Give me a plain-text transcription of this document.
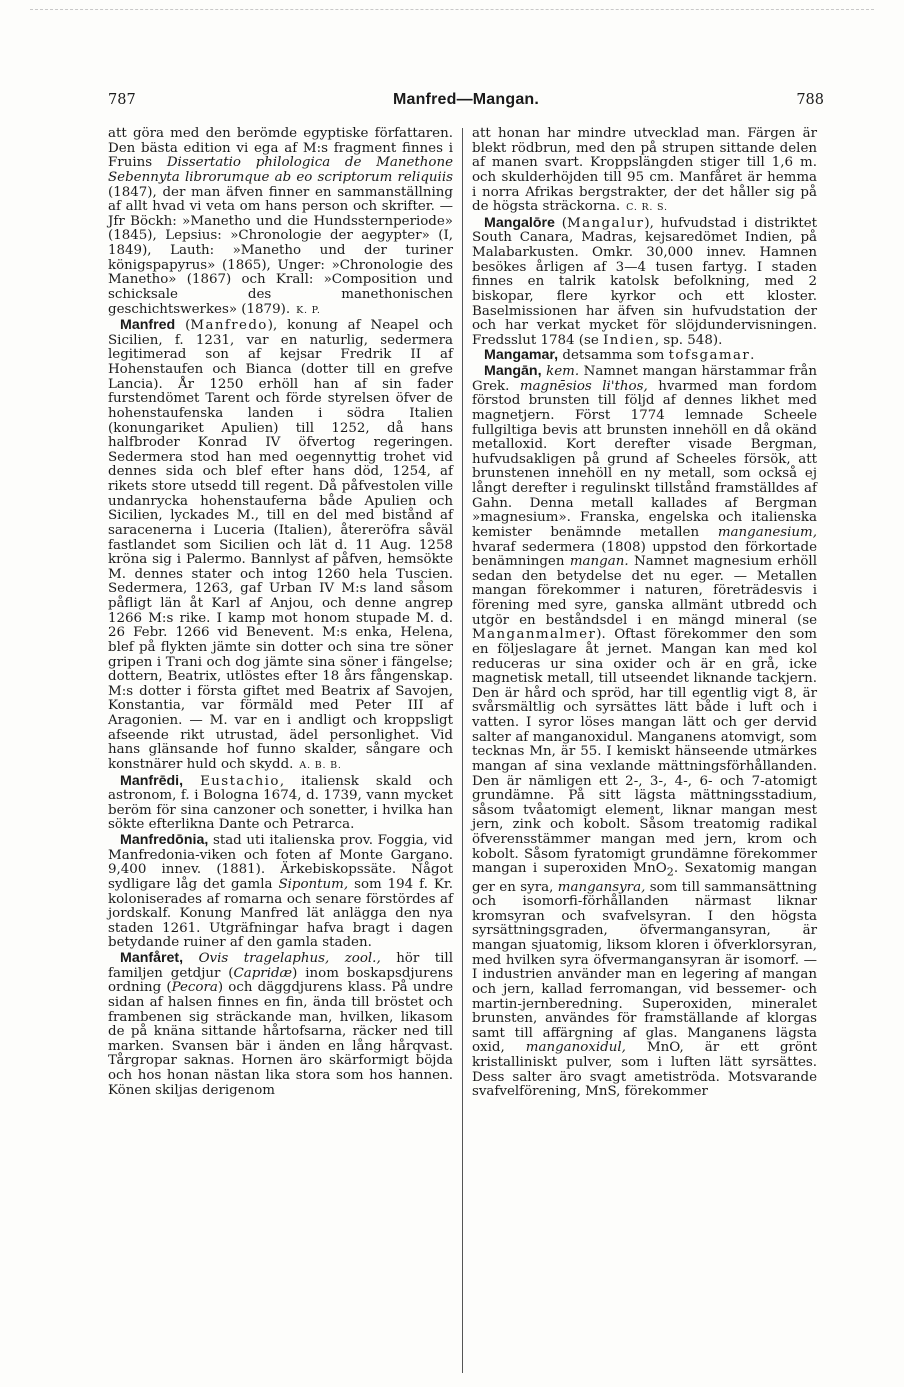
787	Manfred—Mangan.	788

att göra med den berömde egyptiske författaren. Den bästa edition vi ega af M:s fragment finnes i Fruins Dissertatio philologica de Manethone Sebennyta librorumque ab eo scriptorum reliquiis (1847), der man äfven finner en sammanställning af allt hvad vi veta om hans person och skrifter. — Jfr Böckh: »Manetho und die Hundssternperiode» (1845), Lepsius: »Chronologie der aegypter» (I, 1849), Lauth: »Manetho und der turiner königspapyrus» (1865), Unger: »Chronologie des Manetho» (1867) och Krall: »Composition und schicksale des manethonischen geschichtswerkes» (1879). K. P.

Manfred (Manfredo), konung af Neapel och Sicilien, f. 1231, var en naturlig, sedermera legitimerad son af kejsar Fredrik II af Hohenstaufen och Bianca (dotter till en grefve Lancia). År 1250 erhöll han af sin fader furstendömet Tarent och förde styrelsen öfver de hohenstaufenska landen i södra Italien (konungariket Apulien) till 1252, då hans halfbroder Konrad IV öfvertog regeringen. Sedermera stod han med oegennyttig trohet vid dennes sida och blef efter hans död, 1254, af rikets store utsedd till regent. Då påfvestolen ville undanrycka hohenstauferna både Apulien och Sicilien, lyckades M., till en del med bistånd af saracenerna i Luceria (Italien), återeröfra såväl fastlandet som Sicilien och lät d. 11 Aug. 1258 kröna sig i Palermo. Bannlyst af påfven, hemsökte M. dennes stater och intog 1260 hela Tuscien. Sedermera, 1263, gaf Urban IV M:s land såsom påfligt län åt Karl af Anjou, och denne angrep 1266 M:s rike. I kamp mot honom stupade M. d. 26 Febr. 1266 vid Benevent. M:s enka, Helena, blef på flykten jämte sin dotter och sina tre söner gripen i Trani och dog jämte sina söner i fängelse; dottern, Beatrix, utlöstes efter 18 års fångenskap. M:s dotter i första giftet med Beatrix af Savojen, Konstantia, var förmäld med Peter III af Aragonien. — M. var en i andligt och kroppsligt afseende rikt utrustad, ädel personlighet. Vid hans glänsande hof funno skalder, sångare och konstnärer huld och skydd. A. B. B.

Manfrēdi, Eustachio, italiensk skald och astronom, f. i Bologna 1674, d. 1739, vann mycket beröm för sina canzoner och sonetter, i hvilka han sökte efterlikna Dante och Petrarca.

Manfredōnia, stad uti italienska prov. Foggia, vid Manfredonia-viken och foten af Monte Gargano. 9,400 innev. (1881). Ärkebiskopssäte. Något sydligare låg det gamla Sipontum, som 194 f. Kr. koloniserades af romarna och senare förstördes af jordskalf. Konung Manfred lät anlägga den nya staden 1261. Utgräfningar hafva bragt i dagen betydande ruiner af den gamla staden.

Manfåret, Ovis tragelaphus, zool., hör till familjen getdjur (Capridæ) inom boskapsdjurens ordning (Pecora) och däggdjurens klass. På undre sidan af halsen finnes en fin, ända till bröstet och frambenen sig sträckande man, hvilken, likasom de på knäna sittande hårtofsarna, räcker ned till marken. Svansen bär i änden en lång hårqvast. Tårgropar saknas. Hornen äro skärformigt böjda och hos honan nästan lika stora som hos hannen. Könen skiljas derigenom

att honan har mindre utvecklad man. Färgen är blekt rödbrun, med den på strupen sittande delen af manen svart. Kroppslängden stiger till 1,6 m. och skulderhöjden till 95 cm. Manfåret är hemma i norra Afrikas bergstrakter, der det håller sig på de högsta sträckorna. C. R. S.

Mangalōre (Mangalur), hufvudstad i distriktet South Canara, Madras, kejsaredömet Indien, på Malabarkusten. Omkr. 30,000 innev. Hamnen besökes årligen af 3—4 tusen fartyg. I staden finnes en talrik katolsk befolkning, med 2 biskopar, flere kyrkor och ett kloster. Baselmissionen har äfven sin hufvudstation der och har verkat mycket för slöjdundervisningen. Fredsslut 1784 (se Indien, sp. 548).

Mangamar, detsamma som tofsgamar.

Mangān, kem. Namnet mangan härstammar från Grek. magnēsios li'thos, hvarmed man fordom förstod brunsten till följd af dennes likhet med magnetjern. Först 1774 lemnade Scheele fullgiltiga bevis att brunsten innehöll en då okänd metalloxid. Kort derefter visade Bergman, hufvudsakligen på grund af Scheeles försök, att brunstenen innehöll en ny metall, som också ej långt derefter i regulinskt tillstånd framställdes af Gahn. Denna metall kallades af Bergman »magnesium». Franska, engelska och italienska kemister benämnde metallen manganesium, hvaraf sedermera (1808) uppstod den förkortade benämningen mangan. Namnet magnesium erhöll sedan den betydelse det nu eger. — Metallen mangan förekommer i naturen, företrädesvis i förening med syre, ganska allmänt utbredd och utgör en beståndsdel i en mängd mineral (se Manganmalmer). Oftast förekommer den som en följeslagare åt jernet. Mangan kan med kol reduceras ur sina oxider och är en grå, icke magnetisk metall, till utseendet liknande tackjern. Den är hård och spröd, har till egentlig vigt 8, är svårsmältlig och syrsättes lätt både i luft och i vatten. I syror löses mangan lätt och ger dervid salter af manganoxidul. Manganens atomvigt, som tecknas Mn, är 55. I kemiskt hänseende utmärkes mangan af sina vexlande mättningsförhållanden. Den är nämligen ett 2-, 3-, 4-, 6- och 7-atomigt grundämne. På sitt lägsta mättningsstadium, såsom tvåatomigt element, liknar mangan mest jern, zink och kobolt. Såsom treatomig radikal öfverensstämmer mangan med jern, krom och kobolt. Såsom fyratomigt grundämne förekommer mangan i superoxiden MnO$_2$. Sexatomig mangan ger en syra, mangansyra, som till sammansättning och isomorfi-förhållanden närmast liknar kromsyran och svafvelsyran. I den högsta syrsättningsgraden, öfvermangansyran, är mangan sjuatomig, liksom kloren i öfverklorsyran, med hvilken syra öfvermangansyran är isomorf. — I industrien använder man en legering af mangan och jern, kallad ferromangan, vid bessemer- och martin-jernberedning. Superoxiden, mineralet brunsten, användes för framställande af klorgas samt till affärgning af glas. Manganens lägsta oxid, manganoxidul, MnO, är ett grönt kristalliniskt pulver, som i luften lätt syrsättes. Dess salter äro svagt ametiströda. Motsvarande svafvelförening, MnS, förekommer
